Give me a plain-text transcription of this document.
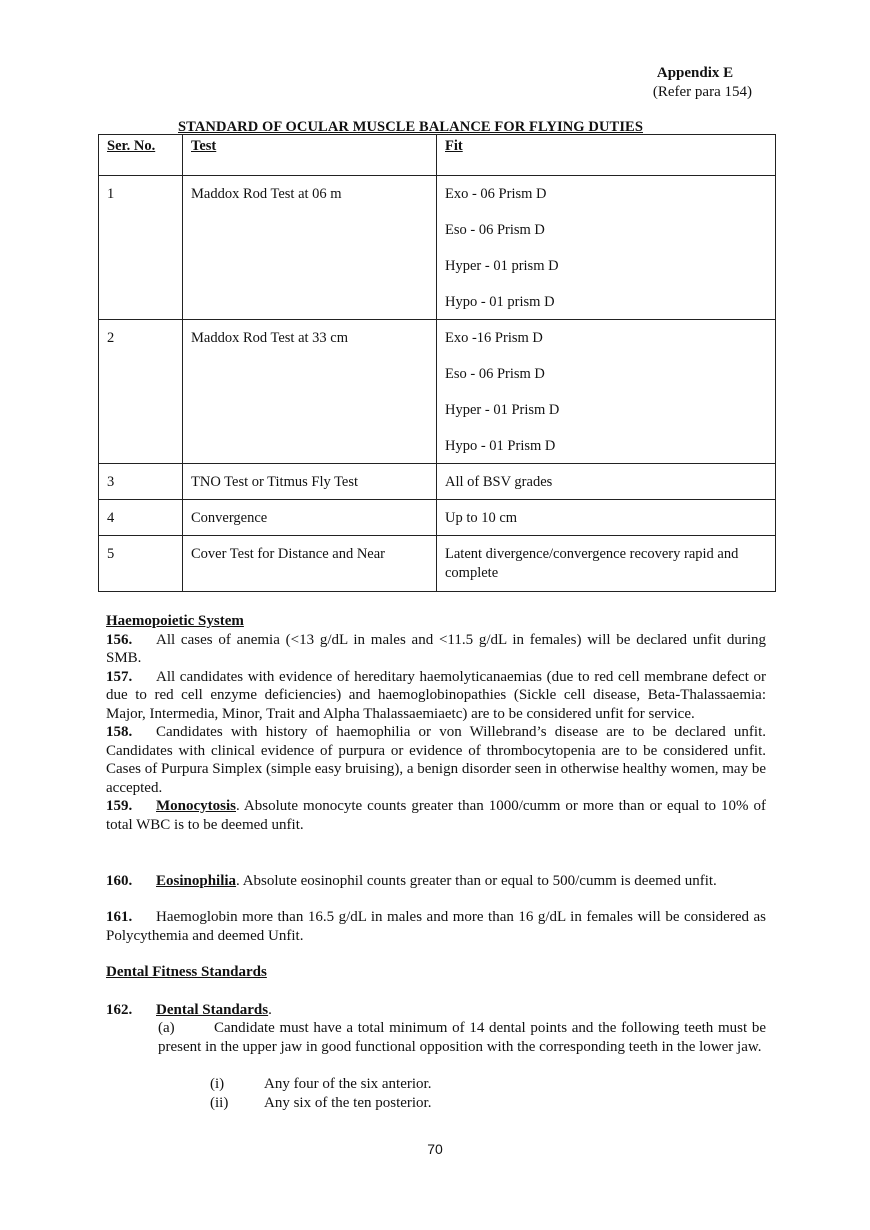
Appendix E
(Refer para 154)
STANDARD OF OCULAR MUSCLE BALANCE FOR FLYING DUTIES
Ser. No.	Test	Fit
1	Maddox Rod Test at 06 m	Exo - 06 Prism D
Eso - 06 Prism D
Hyper - 01 prism D
Hypo - 01 prism D

2	Maddox Rod Test at 33 cm	Exo -16 Prism D
Eso - 06 Prism D
Hyper - 01 Prism D
Hypo - 01 Prism D

3	TNO Test or Titmus Fly Test	All of BSV grades
4	Convergence	Up to 10 cm
5	Cover Test for Distance and Near	Latent divergence/convergence recovery rapid and complete
Haemopoietic System
156. All cases of anemia (<13 g/dL in males and <11.5 g/dL in females) will be declared unfit during SMB.
157. All candidates with evidence of hereditary haemolyticanaemias (due to red cell membrane defect or due to red cell enzyme deficiencies) and haemoglobinopathies (Sickle cell disease, Beta-Thalassaemia: Major, Intermedia, Minor, Trait and Alpha Thalassaemiaetc) are to be considered unfit for service.
158. Candidates with history of haemophilia or von Willebrand’s disease are to be declared unfit. Candidates with clinical evidence of purpura or evidence of thrombocytopenia are to be considered unfit. Cases of Purpura Simplex (simple easy bruising), a benign disorder seen in otherwise healthy women, may be accepted.
159. Monocytosis. Absolute monocyte counts greater than 1000/cumm or more than or equal to 10% of total WBC is to be deemed unfit.
160. Eosinophilia. Absolute eosinophil counts greater than or equal to 500/cumm is deemed unfit.
161. Haemoglobin more than 16.5 g/dL in males and more than 16 g/dL in females will be considered as Polycythemia and deemed Unfit.
Dental Fitness Standards
162. Dental Standards.
(a)	Candidate must have a total minimum of 14 dental points and the following teeth must be present in the upper jaw in good functional opposition with the corresponding teeth in the lower jaw.
(i)	Any four of the six anterior.
(ii) Any six of the ten posterior.
70
